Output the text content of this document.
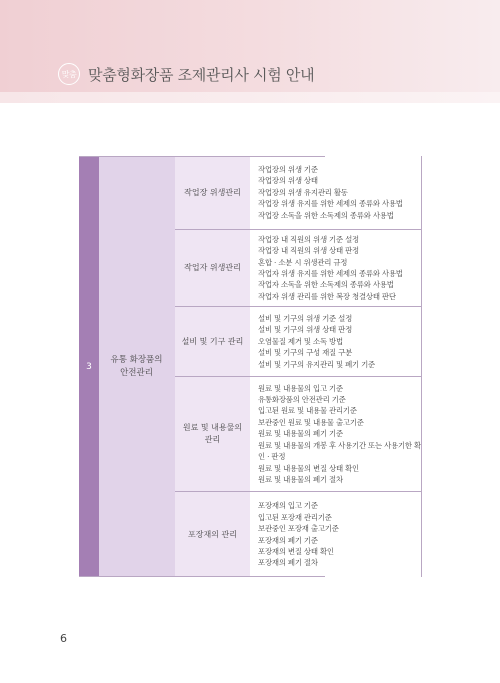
맞춤 맞춤형화장품 조제관리사 시험 안내
3
유통 화장품의
안전관리
작업장 위생관리
작업장의 위생 기준
작업장의 위생 상태
작업장의 위생 유지관리 활동
작업장 위생 유지를 위한 세제의 종류와 사용법
작업장 소독을 위한 소독제의 종류와 사용법
작업자 위생관리
작업장 내 직원의 위생 기준 설정
작업장 내 직원의 위생 상태 판정
혼합 · 소분 시 위생관리 규정
작업자 위생 유지를 위한 세제의 종류와 사용법
작업자 소독을 위한 소독제의 종류와 사용법
작업자 위생 관리를 위한 복장 청결상태 판단
설비 및 기구 관리
설비 및 기구의 위생 기준 설정
설비 및 기구의 위생 상태 판정
오염물질 제거 및 소독 방법
설비 및 기구의 구성 재질 구분
설비 및 기구의 유지관리 및 폐기 기준
원료 및 내용물의 관리
원료 및 내용물의 입고 기준
유통화장품의 안전관리 기준
입고된 원료 및 내용물 관리기준
보관중인 원료 및 내용물 출고기준
원료 및 내용물의 폐기 기준
원료 및 내용물의 개봉 후 사용기간 또는 사용기한 확인 · 판정
원료 및 내용물의 변질 상태 확인
원료 및 내용물의 폐기 절차
포장재의 관리
포장재의 입고 기준
입고된 포장재 관리기준
보관중인 포장재 출고기준
포장재의 폐기 기준
포장재의 변질 상태 확인
포장재의 폐기 절차
6
